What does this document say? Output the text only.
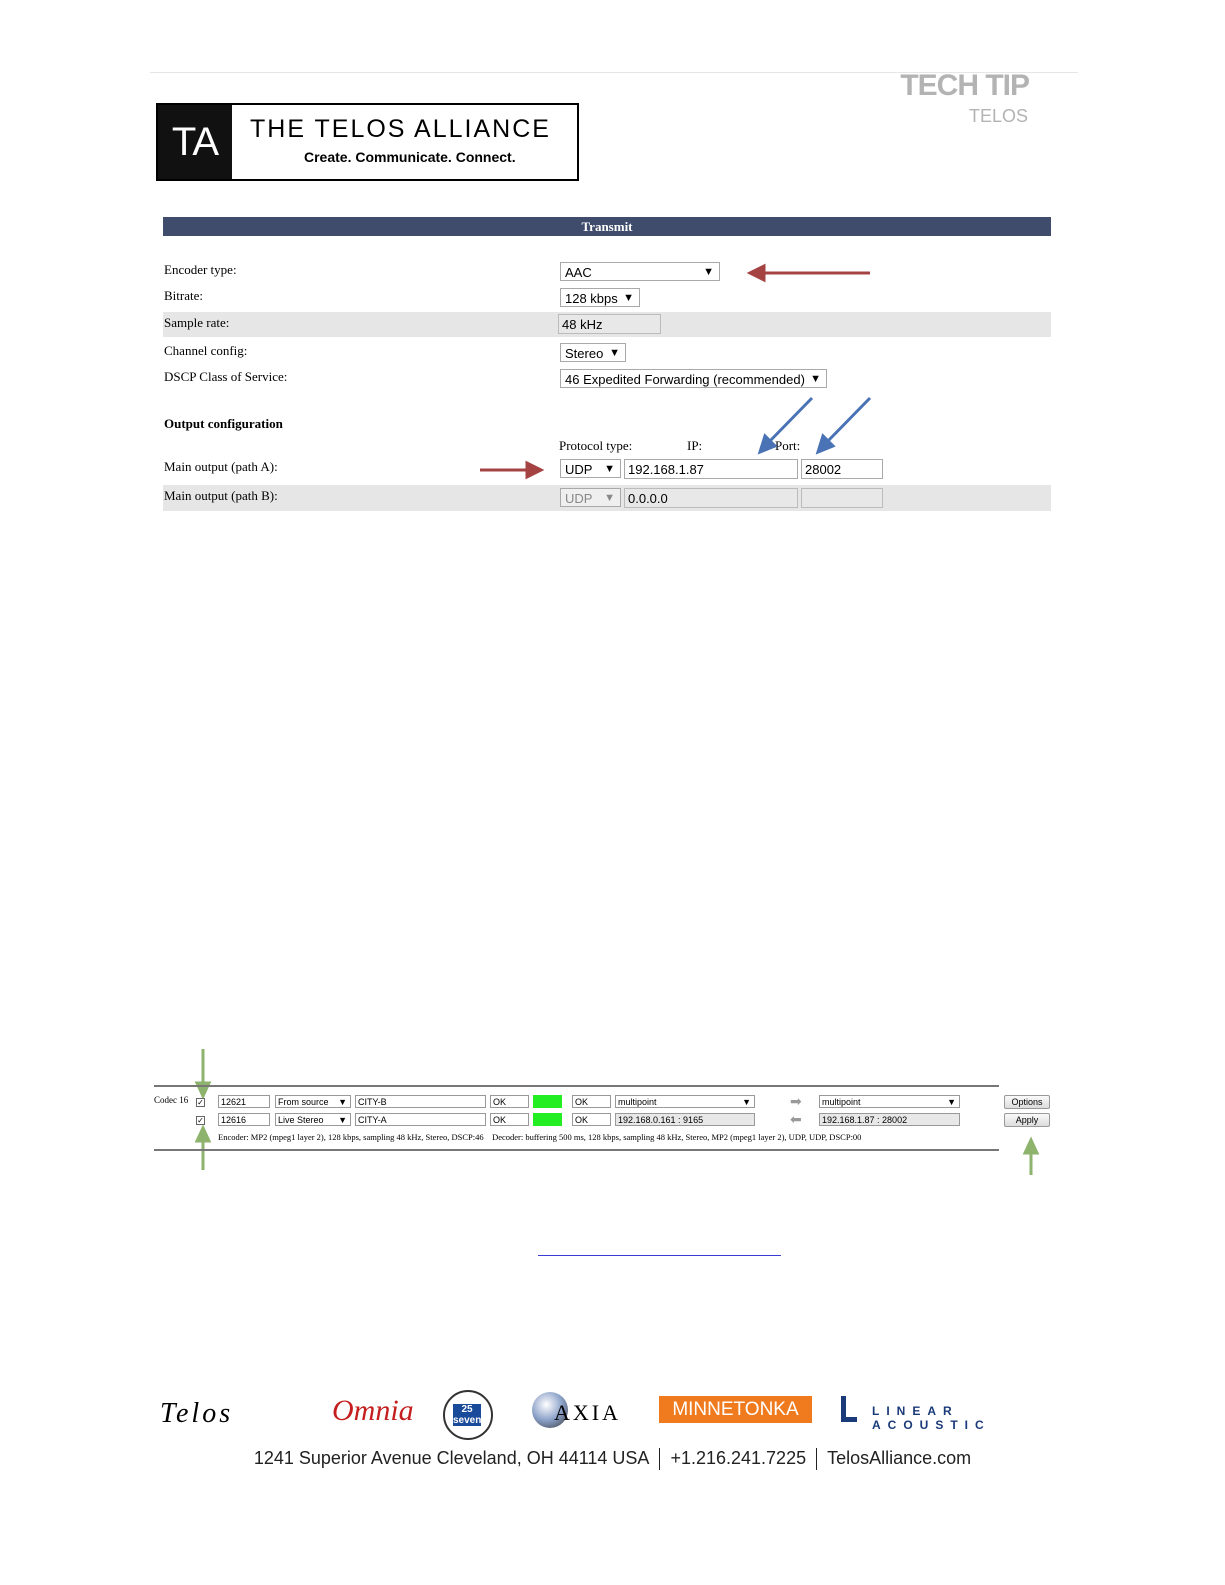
TECH TIP
TELOS
TA	THE TELOS ALLIANCE
Create. Communicate. Connect.
Transmit
Encoder type:	AAC	▼
Bitrate:	128 kbps ▼
Sample rate:	48 kHz
Channel config:	Stereo ▼
DSCP Class of Service:	46 Expedited Forwarding (recommended) ▼
Output configuration
Protocol type:	IP:	Port:
Main output (path A):	UDP ▼	192.168.1.87	28002
Main output (path B):	UDP ▼	0.0.0.0
Codec 16 ✓	12621	From source ▼	CITY-B	OK	OK	multipoint	▼	➡	multipoint	▼	Options
✓	12616	Live Stereo ▼	CITY-A	OK	OK	192.168.0.161 : 9165	⬅	192.168.1.87 : 28002	Apply
Encoder: MP2 (mpeg1 layer 2), 128 kbps, sampling 48 kHz, Stereo, DSCP:46    Decoder: buffering 500 ms, 128 kbps, sampling 48 kHz, Stereo, MP2 (mpeg1 layer 2), UDP, UDP, DSCP:00
Telos	Omnia	25 seven	AXIA	MINNETONKA	LINEAR ACOUSTIC
1241 Superior Avenue Cleveland, OH 44114 USA +1.216.241.7225 TelosAlliance.com
